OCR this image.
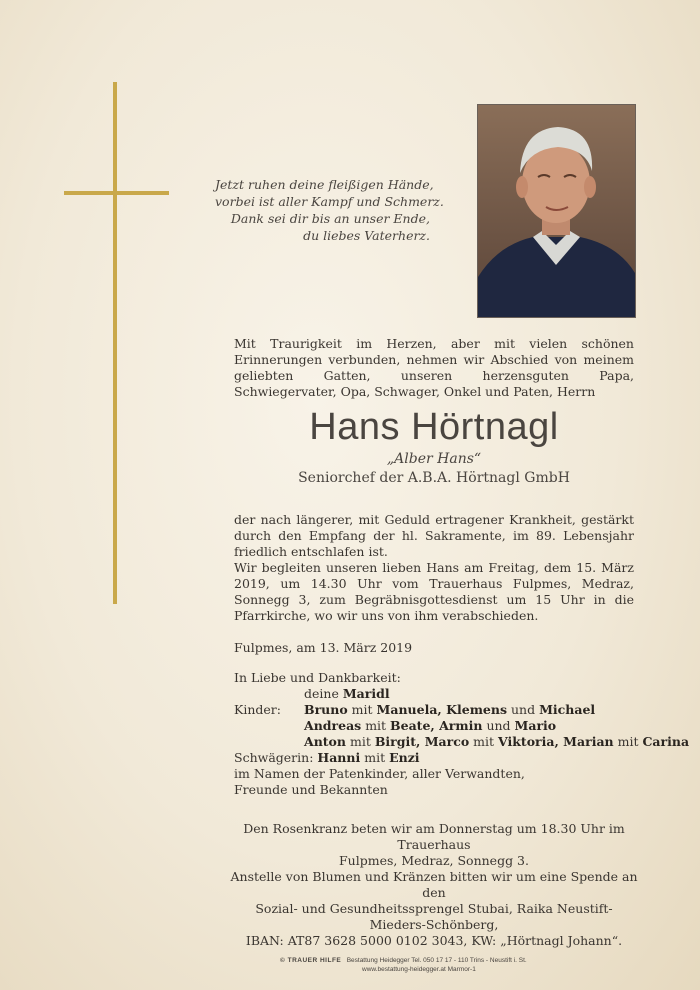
Jetzt ruhen deine fleißigen Hände,
vorbei ist aller Kampf und Schmerz.
Dank sei dir bis an unser Ende,
du liebes Vaterherz.
Mit Traurigkeit im Herzen, aber mit vielen schönen Erinnerungen verbunden, nehmen wir Abschied von meinem geliebten Gatten, unseren herzensguten Papa, Schwiegervater, Opa, Schwager, Onkel und Paten, Herrn
Hans Hörtnagl
„Alber Hans“
Seniorchef der A.B.A. Hörtnagl GmbH
der nach längerer, mit Geduld ertragener Krankheit, gestärkt durch den Empfang der hl. Sakramente, im 89. Lebensjahr friedlich entschlafen ist.
Wir begleiten unseren lieben Hans am Freitag, dem 15. März 2019, um 14.30 Uhr vom Trauerhaus Fulpmes, Medraz, Sonnegg 3, zum Begräbnisgottesdienst um 15 Uhr in die Pfarrkirche, wo wir uns von ihm verabschieden.
Fulpmes, am 13. März 2019
In Liebe und Dankbarkeit:
deine
Maridl
Kinder:	Bruno
mit
Manuela, Klemens
und
Michael
Andreas
mit
Beate, Armin
und
Mario
Anton
mit
Birgit, Marco
mit
Viktoria, Marian
mit
Carina
Schwägerin:
Hanni
mit
Enzi
im Namen der Patenkinder, aller Verwandten,
Freunde und Bekannten
Den Rosenkranz beten wir am Donnerstag um 18.30 Uhr im Trauerhaus
Fulpmes, Medraz, Sonnegg 3.
Anstelle von Blumen und Kränzen bitten wir um eine Spende an den
Sozial- und Gesundheitssprengel Stubai, Raika Neustift-Mieders-Schönberg,
IBAN: AT87 3628 5000 0102 3043, KW: „Hörtnagl Johann“.
© TRAUER HILFE Bestattung Heidegger Tel. 050 17 17 - 110 Trins - Neustift i. St.
www.bestattung-heidegger.at Marmor-1
